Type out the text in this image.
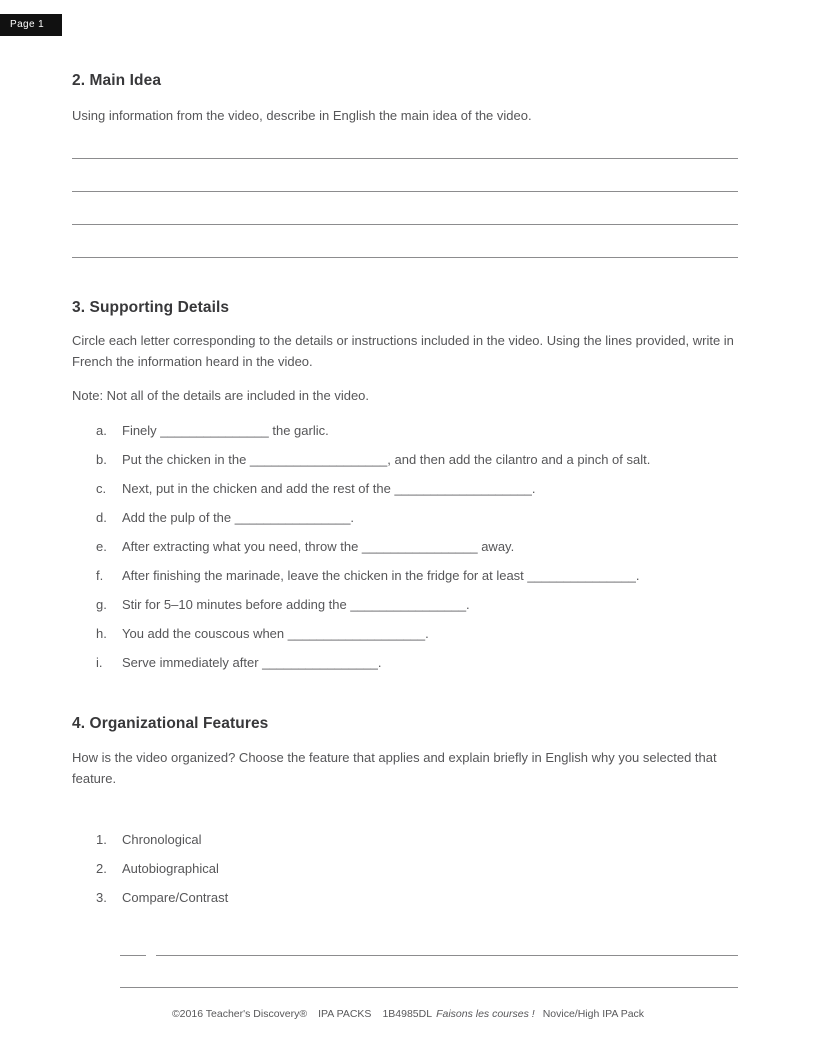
Page 1
2. Main Idea

Using information from the video, describe in English the main idea of the video.

3. Supporting Details

Circle each letter corresponding to the details or instructions included in the video. Using the lines provided, write in French the information heard in the video.

Note: Not all of the details are included in the video.

a.	Finely _______________ the garlic.
b.	Put the chicken in the ___________________, and then add the cilantro and a pinch of salt.
c.	Next, put in the chicken and add the rest of the ___________________.
d.	Add the pulp of the ________________.
e.	After extracting what you need, throw the ________________ away.
f.	After finishing the marinade, leave the chicken in the fridge for at least _______________.
g.	Stir for 5–10 minutes before adding the ________________.
h.	You add the couscous when ___________________.
i.	Serve immediately after ________________.
4. Organizational Features

How is the video organized? Choose the feature that applies and explain briefly in English why you selected that feature.

1.	Chronological
2.	Autobiographical
3.	Compare/Contrast
©2016 Teacher's Discovery® IPA PACKS 1B4985DL Faisons les courses ! Novice/High IPA Pack
